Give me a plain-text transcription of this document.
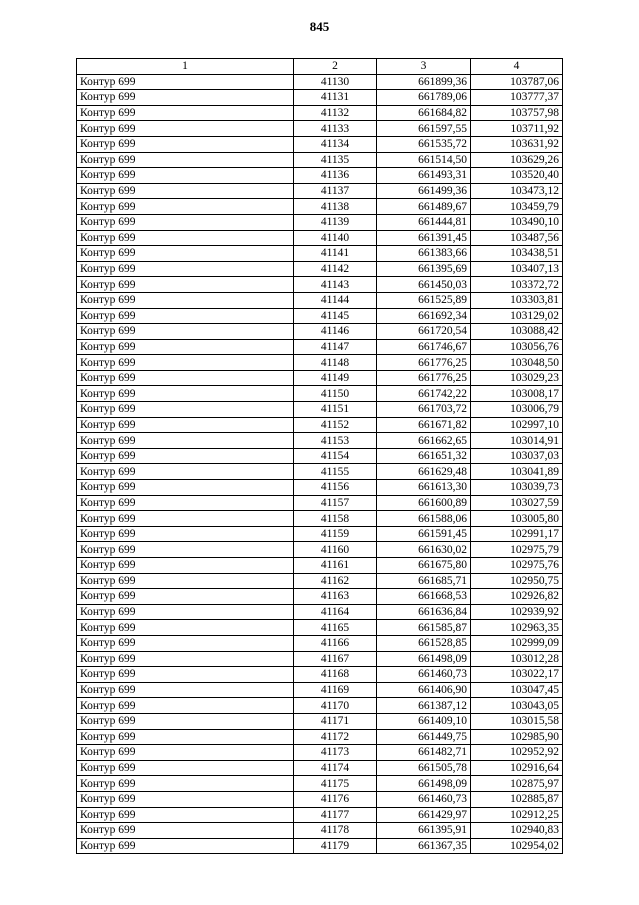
845
1	2	3	4
Контур 699	41130	661899,36	103787,06
Контур 699	41131	661789,06	103777,37
Контур 699	41132	661684,82	103757,98
Контур 699	41133	661597,55	103711,92
Контур 699	41134	661535,72	103631,92
Контур 699	41135	661514,50	103629,26
Контур 699	41136	661493,31	103520,40
Контур 699	41137	661499,36	103473,12
Контур 699	41138	661489,67	103459,79
Контур 699	41139	661444,81	103490,10
Контур 699	41140	661391,45	103487,56
Контур 699	41141	661383,66	103438,51
Контур 699	41142	661395,69	103407,13
Контур 699	41143	661450,03	103372,72
Контур 699	41144	661525,89	103303,81
Контур 699	41145	661692,34	103129,02
Контур 699	41146	661720,54	103088,42
Контур 699	41147	661746,67	103056,76
Контур 699	41148	661776,25	103048,50
Контур 699	41149	661776,25	103029,23
Контур 699	41150	661742,22	103008,17
Контур 699	41151	661703,72	103006,79
Контур 699	41152	661671,82	102997,10
Контур 699	41153	661662,65	103014,91
Контур 699	41154	661651,32	103037,03
Контур 699	41155	661629,48	103041,89
Контур 699	41156	661613,30	103039,73
Контур 699	41157	661600,89	103027,59
Контур 699	41158	661588,06	103005,80
Контур 699	41159	661591,45	102991,17
Контур 699	41160	661630,02	102975,79
Контур 699	41161	661675,80	102975,76
Контур 699	41162	661685,71	102950,75
Контур 699	41163	661668,53	102926,82
Контур 699	41164	661636,84	102939,92
Контур 699	41165	661585,87	102963,35
Контур 699	41166	661528,85	102999,09
Контур 699	41167	661498,09	103012,28
Контур 699	41168	661460,73	103022,17
Контур 699	41169	661406,90	103047,45
Контур 699	41170	661387,12	103043,05
Контур 699	41171	661409,10	103015,58
Контур 699	41172	661449,75	102985,90
Контур 699	41173	661482,71	102952,92
Контур 699	41174	661505,78	102916,64
Контур 699	41175	661498,09	102875,97
Контур 699	41176	661460,73	102885,87
Контур 699	41177	661429,97	102912,25
Контур 699	41178	661395,91	102940,83
Контур 699	41179	661367,35	102954,02
